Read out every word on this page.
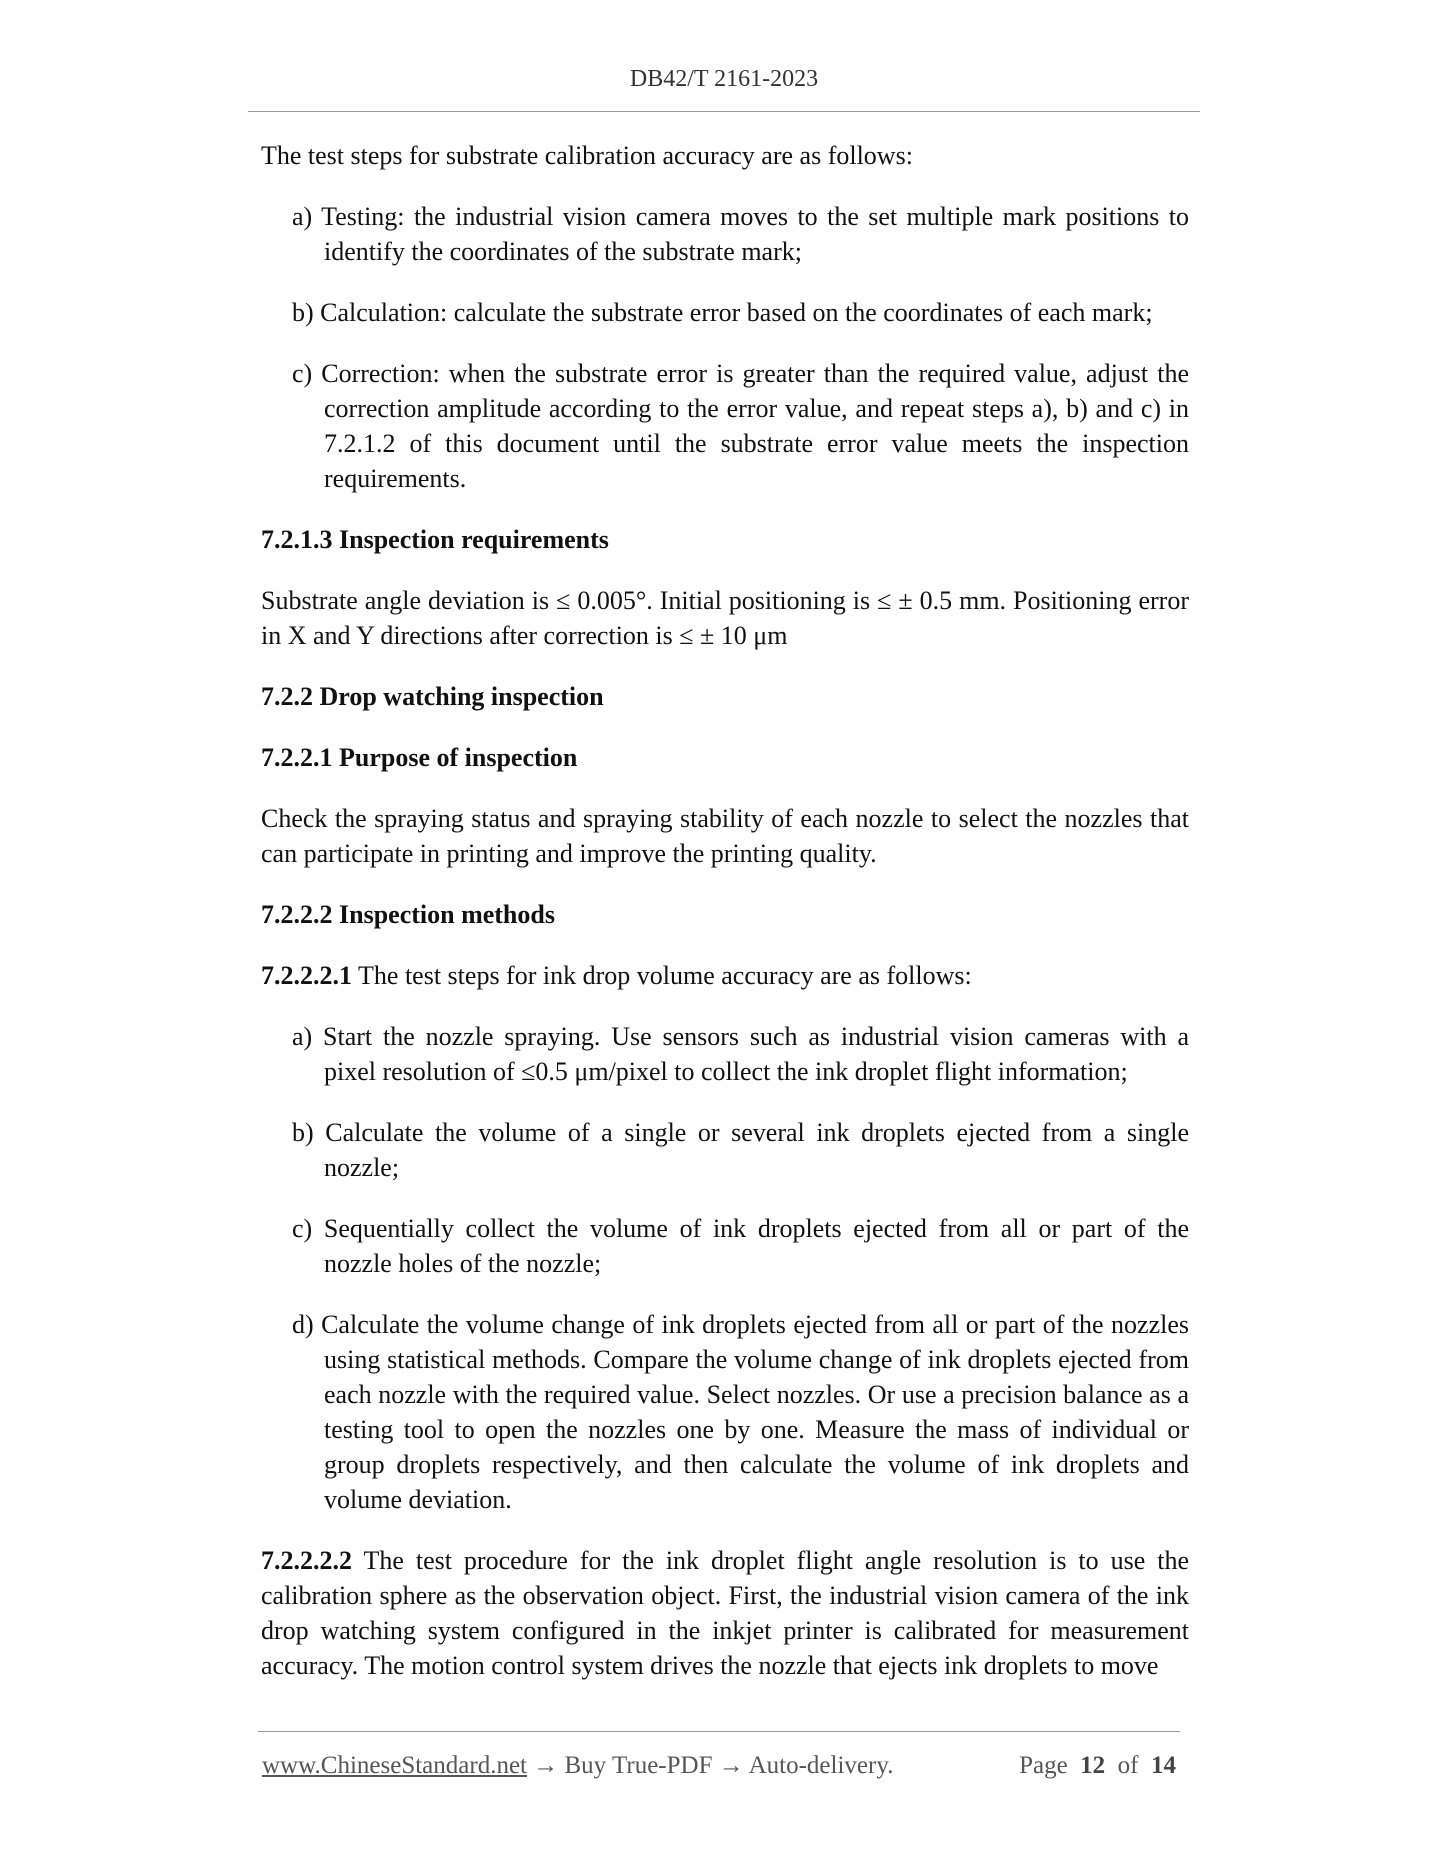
DB42/T 2161-2023

The test steps for substrate calibration accuracy are as follows:

a) Testing: the industrial vision camera moves to the set multiple mark positions to identify the coordinates of the substrate mark;
b) Calculation: calculate the substrate error based on the coordinates of each mark;
c) Correction: when the substrate error is greater than the required value, adjust the correction amplitude according to the error value, and repeat steps a), b) and c) in 7.2.1.2 of this document until the substrate error value meets the inspection requirements.
7.2.1.3 Inspection requirements

Substrate angle deviation is ≤ 0.005°. Initial positioning is ≤ ± 0.5 mm. Positioning error in X and Y directions after correction is ≤ ± 10 μm

7.2.2 Drop watching inspection
7.2.2.1 Purpose of inspection

Check the spraying status and spraying stability of each nozzle to select the nozzles that can participate in printing and improve the printing quality.

7.2.2.2 Inspection methods

7.2.2.2.1 The test steps for ink drop volume accuracy are as follows:

a) Start the nozzle spraying. Use sensors such as industrial vision cameras with a pixel resolution of ≤0.5 μm/pixel to collect the ink droplet flight information;
b) Calculate the volume of a single or several ink droplets ejected from a single nozzle;
c) Sequentially collect the volume of ink droplets ejected from all or part of the nozzle holes of the nozzle;
d) Calculate the volume change of ink droplets ejected from all or part of the nozzles using statistical methods. Compare the volume change of ink droplets ejected from each nozzle with the required value. Select nozzles. Or use a precision balance as a testing tool to open the nozzles one by one. Measure the mass of individual or group droplets respectively, and then calculate the volume of ink droplets and volume deviation.

7.2.2.2.2 The test procedure for the ink droplet flight angle resolution is to use the calibration sphere as the observation object. First, the industrial vision camera of the ink drop watching system configured in the inkjet printer is calibrated for measurement accuracy. The motion control system drives the nozzle that ejects ink droplets to move

www.ChineseStandard.net → Buy True-PDF → Auto-delivery.	Page 12 of 14
